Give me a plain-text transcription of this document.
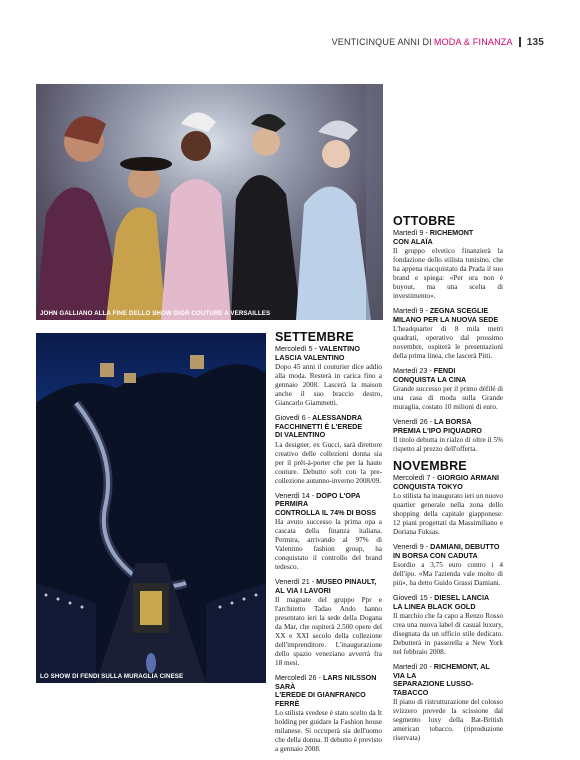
VENTICINQUE ANNI DI MODA & FINANZA 135
JOHN GALLIANO ALLA FINE DELLO SHOW DIOR COUTURE A VERSAILLES
LO SHOW DI FENDI SULLA MURAGLIA CINESE
SETTEMBRE
Mercoledì 5 - VALENTINO
LASCIA VALENTINO

Dopo 45 anni il couturier dice addio alla moda. Resterà in carica fino a gennaio 2008. Lascerà la maison anche il suo braccio destro, Giancarlo Giammetti.

Giovedì 6 - ALESSANDRA
FACCHINETTI È L'EREDE
DI VALENTINO

La designer, ex Gucci, sarà direttore creativo delle collezioni donna sia per il prêt-à-porter che per la haute couture. Debutto soft con la pre-collezione autunno-inverno 2008/09.

Venerdì 14 - DOPO L'OPA PERMIRA
CONTROLLA IL 74% DI BOSS

Ha avuto successo la prima opa a cascata della finanza italiana. Permira, arrivando al 97% di Valentino fashion group, ha conquistato il controllo del brand tedesco.

Venerdì 21 - MUSEO PINAULT,
AL VIA I LAVORI

Il magnate del gruppo Ppr e l'architetto Tadao Ando hanno presentato ieri la sede della Dogana da Mar, che ospiterà 2.500 opere del XX e XXI secolo della collezione dell'imprenditore. L'inaugurazione dello spazio veneziano avverrà fra 18 mesi.

Mercoledì 26 - LARS NILSSON SARÀ
L'EREDE DI GIANFRANCO FERRÈ

Lo stilista svedese è stato scelto da It holding per guidare la Fashion house milanese. Si occuperà sia dell'uomo che della donna. Il debutto è previsto a gennaio 2008.

OTTOBRE
Martedì 9 - RICHEMONT
CON ALAÏA

Il gruppo elvetico finanzierà la fondazione dello stilista tunisino, che ha appena riacquistato da Prada il suo brand e spiega: «Per ora non è buyout, ma una scelta di investimento».

Martedì 9 - ZEGNA SCEGLIE
MILANO PER LA NUOVA SEDE

L'headquarter di 8 mila metri quadrati, operativo dal prossimo novembre, ospiterà le presentazioni della prima linea, che lascerà Pitti.

Martedì 23 - FENDI
CONQUISTA LA CINA

Grande successo per il primo défilé di una casa di moda sulla Grande muraglia, costato 10 milioni di euro.

Venerdì 26 - LA BORSA
PREMIA L'IPO PIQUADRO

Il titolo debutta in rialzo di oltre il 5% rispetto al prezzo dell'offerta.

NOVEMBRE
Mercoledì 7 - GIORGIO ARMANI
CONQUISTA TOKYO

Lo stilista ha inaugurato ieri un nuovo quartier generale nella zona dello shopping della capitale giapponese: 12 piani progettati da Massimiliano e Doriana Fuksas.

Venerdì 9 - DAMIANI, DEBUTTO
IN BORSA CON CADUTA

Esordio a 3,75 euro contro i 4 dell'ipo. «Ma l'azienda vale molto di più», ha detto Guido Grassi Damiani.

Giovedì 15 - DIESEL LANCIA
LA LINEA BLACK GOLD

Il marchio che fa capo a Renzo Rosso crea una nuova label di casual luxury, disegnata da un ufficio stile dedicato. Debutterà in passerella a New York nel febbraio 2008.

Martedì 20 - RICHEMONT, AL VIA LA
SEPARAZIONE LUSSO-TABACCO

Il piano di ristrutturazione del colosso svizzero prevede la scissione dal segmento luxy della Bat-British american tobacco. (riproduzione riservata)
